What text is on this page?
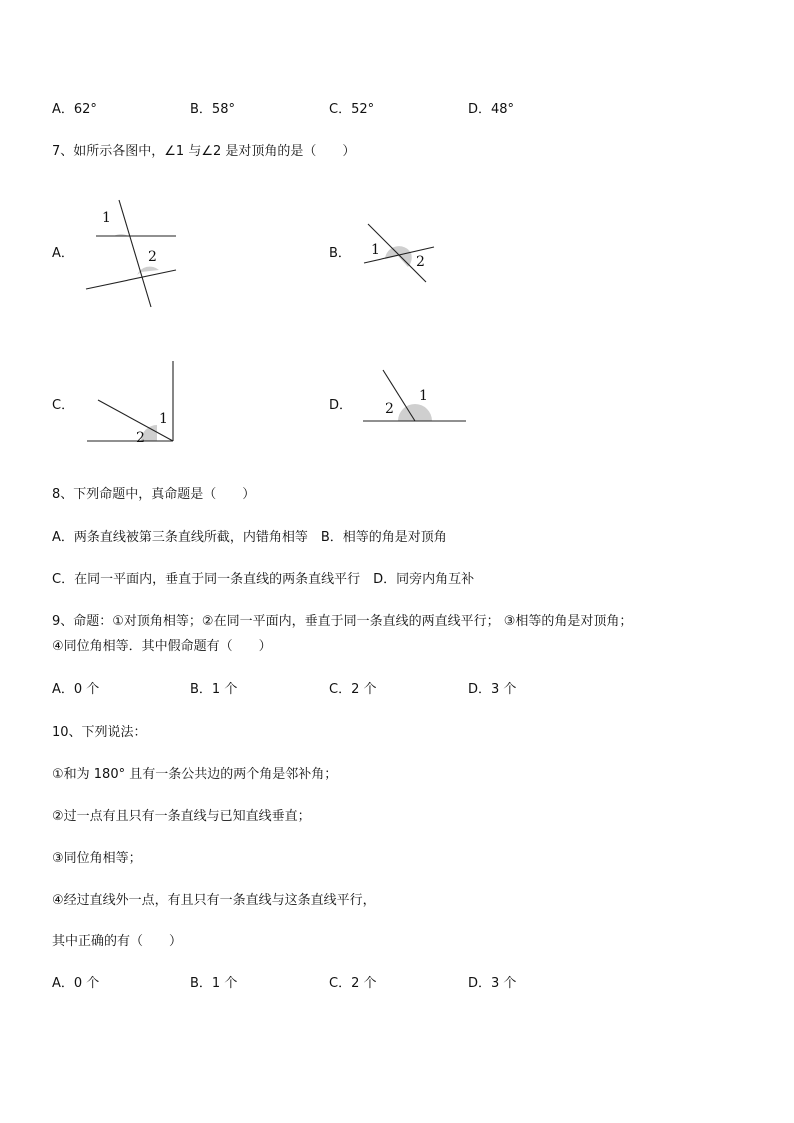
A．62°	B．58°	C．52°	D．48°
7、如所示各图中，∠1 与∠2 是对顶角的是（　　）
A．
1
2	B． 1
2
C．
1
2
D．
1
2
8、下列命题中，真命题是（　　）
A．两条直线被第三条直线所截，内错角相等　B．相等的角是对顶角
C．在同一平面内，垂直于同一条直线的两条直线平行　D．同旁内角互补
9、命题：①对顶角相等；②在同一平面内，垂直于同一条直线的两直线平行； ③相等的角是对顶角；
④同位角相等．其中假命题有（　　）
A．0 个	B．1 个	C．2 个	D．3 个
10、下列说法：
①和为 180° 且有一条公共边的两个角是邻补角；
②过一点有且只有一条直线与已知直线垂直；
③同位角相等；
④经过直线外一点，有且只有一条直线与这条直线平行，
其中正确的有（　　）
A．0 个	B．1 个	C．2 个	D．3 个
